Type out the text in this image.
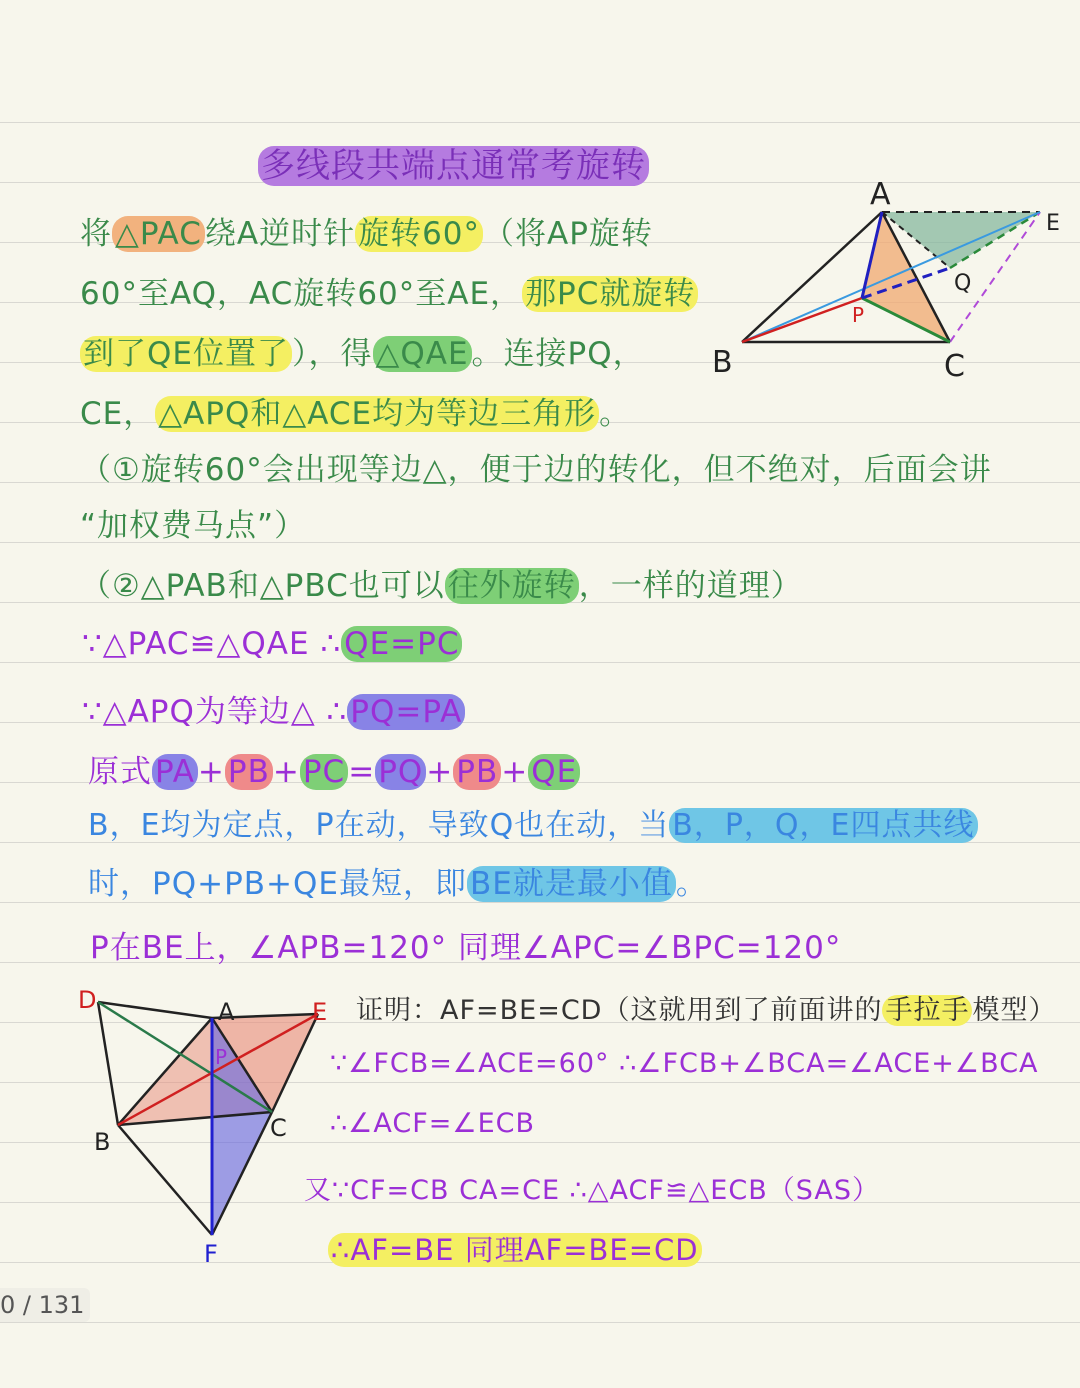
多线段共端点通常考旋转
将△PAC绕A逆时针旋转60°（将AP旋转
60°至AQ，AC旋转60°至AE，那PC就旋转
到了QE位置了），得△QAE。连接PQ，
CE，△APQ和△ACE均为等边三角形。
（①旋转60°会出现等边△，便于边的转化，但不绝对，后面会讲
“加权费马点”）
（②△PAB和△PBC也可以往外旋转，一样的道理）
∵△PAC≌△QAE ∴QE=PC
∵△APQ为等边△ ∴PQ=PA
原式PA+PB+PC=PQ+PB+QE
B，E均为定点，P在动，导致Q也在动，当 B，P，Q，E四点共线
时，PQ+PB+QE最短，即BE就是最小值。
P在BE上，∠APB=120° 同理∠APC=∠BPC=120°
证明：AF=BE=CD（这就用到了前面讲的 手拉手 模型）
∵∠FCB=∠ACE=60° ∴∠FCB+∠BCA=∠ACE+∠BCA
∴∠ACF=∠ECB
又∵CF=CB CA=CE ∴△ACF≌△ECB（SAS）
∴AF=BE 同理AF=BE=CD
A
E
Q
P
B	C
D	A	E
P
B	C
F
0 / 131
